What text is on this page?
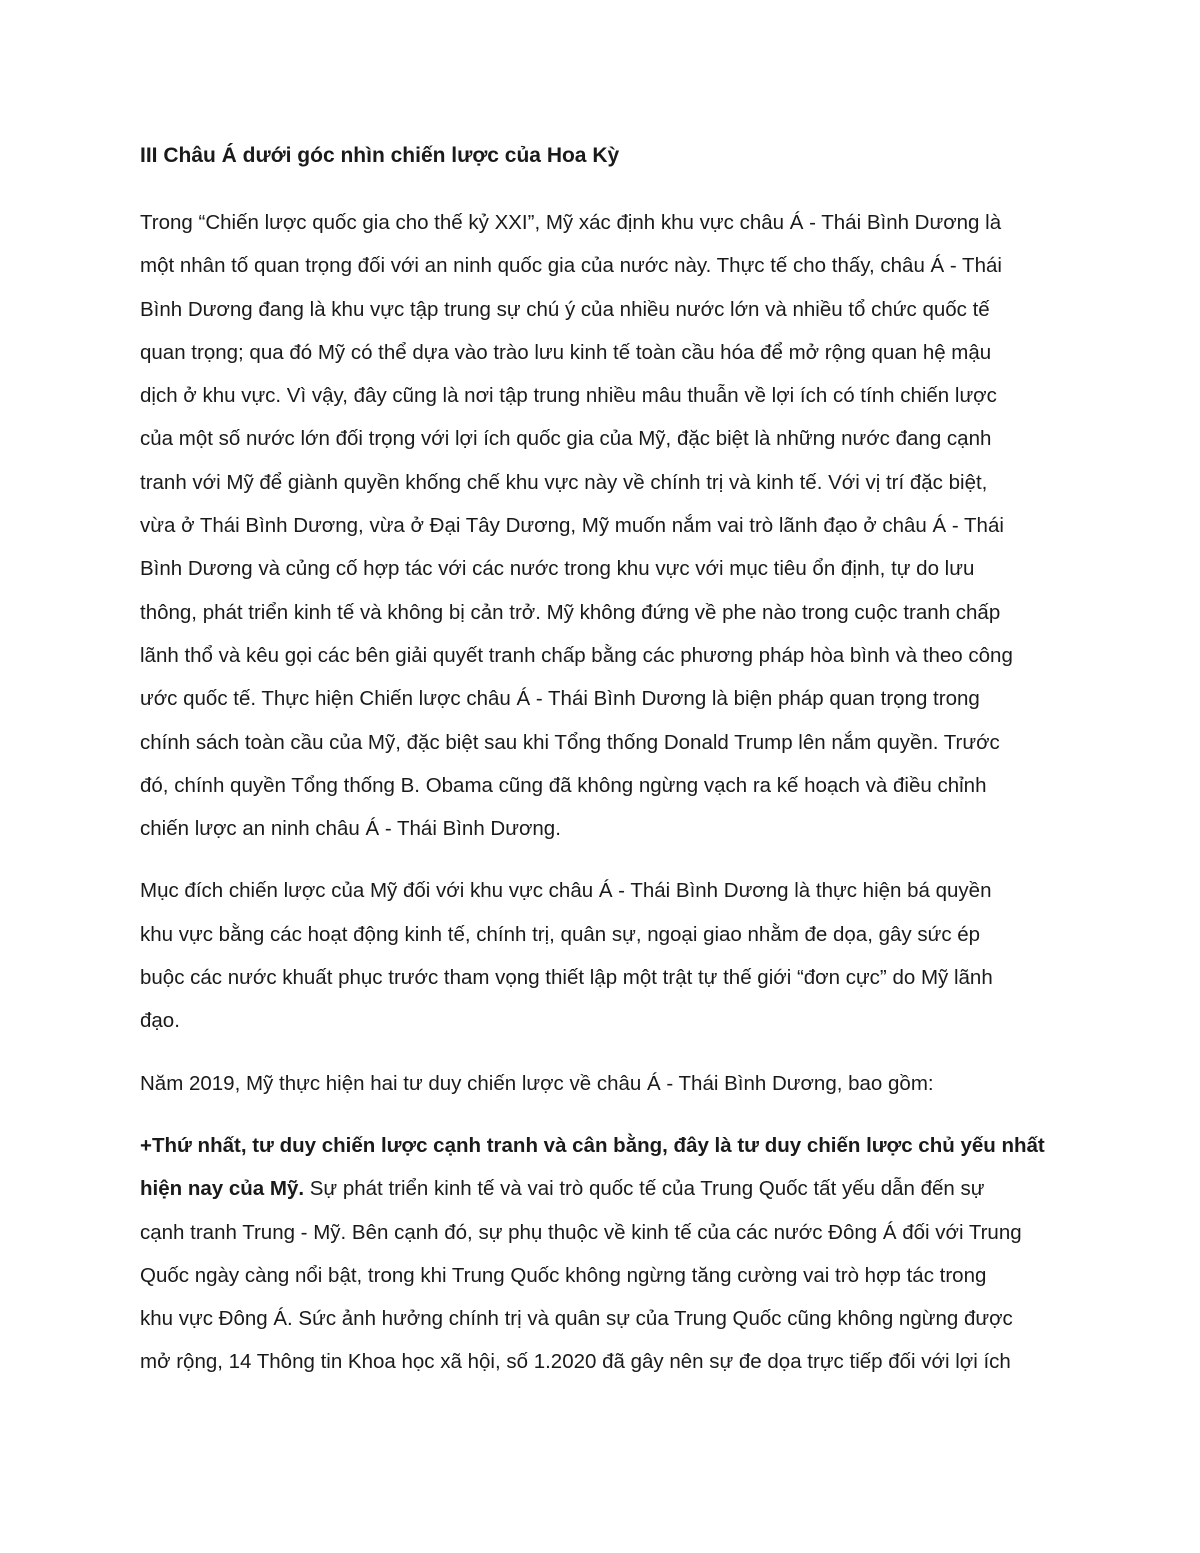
III Châu Á dưới góc nhìn chiến lược của Hoa Kỳ
Trong “Chiến lược quốc gia cho thế kỷ XXI”, Mỹ xác định khu vực châu Á - Thái Bình Dương là
một nhân tố quan trọng đối với an ninh quốc gia của nước này. Thực tế cho thấy, châu Á - Thái
Bình Dương đang là khu vực tập trung sự chú ý của nhiều nước lớn và nhiều tổ chức quốc tế
quan trọng; qua đó Mỹ có thể dựa vào trào lưu kinh tế toàn cầu hóa để mở rộng quan hệ mậu
dịch ở khu vực. Vì vậy, đây cũng là nơi tập trung nhiều mâu thuẫn về lợi ích có tính chiến lược
của một số nước lớn đối trọng với lợi ích quốc gia của Mỹ, đặc biệt là những nước đang cạnh
tranh với Mỹ để giành quyền khống chế khu vực này về chính trị và kinh tế. Với vị trí đặc biệt,
vừa ở Thái Bình Dương, vừa ở Đại Tây Dương, Mỹ muốn nắm vai trò lãnh đạo ở châu Á - Thái
Bình Dương và củng cố hợp tác với các nước trong khu vực với mục tiêu ổn định, tự do lưu
thông, phát triển kinh tế và không bị cản trở. Mỹ không đứng về phe nào trong cuộc tranh chấp
lãnh thổ và kêu gọi các bên giải quyết tranh chấp bằng các phương pháp hòa bình và theo công
ước quốc tế. Thực hiện Chiến lược châu Á - Thái Bình Dương là biện pháp quan trọng trong
chính sách toàn cầu của Mỹ, đặc biệt sau khi Tổng thống Donald Trump lên nắm quyền. Trước
đó, chính quyền Tổng thống B. Obama cũng đã không ngừng vạch ra kế hoạch và điều chỉnh
chiến lược an ninh châu Á - Thái Bình Dương.
Mục đích chiến lược của Mỹ đối với khu vực châu Á - Thái Bình Dương là thực hiện bá quyền
khu vực bằng các hoạt động kinh tế, chính trị, quân sự, ngoại giao nhằm đe dọa, gây sức ép
buộc các nước khuất phục trước tham vọng thiết lập một trật tự thế giới “đơn cực” do Mỹ lãnh
đạo.
Năm 2019, Mỹ thực hiện hai tư duy chiến lược về châu Á - Thái Bình Dương, bao gồm:
+Thứ nhất, tư duy chiến lược cạnh tranh và cân bằng, đây là tư duy chiến lược chủ yếu nhất
hiện nay của Mỹ. Sự phát triển kinh tế và vai trò quốc tế của Trung Quốc tất yếu dẫn đến sự
cạnh tranh Trung - Mỹ. Bên cạnh đó, sự phụ thuộc về kinh tế của các nước Đông Á đối với Trung
Quốc ngày càng nổi bật, trong khi Trung Quốc không ngừng tăng cường vai trò hợp tác trong
khu vực Đông Á. Sức ảnh hưởng chính trị và quân sự của Trung Quốc cũng không ngừng được
mở rộng, 14 Thông tin Khoa học xã hội, số 1.2020 đã gây nên sự đe dọa trực tiếp đối với lợi ích
